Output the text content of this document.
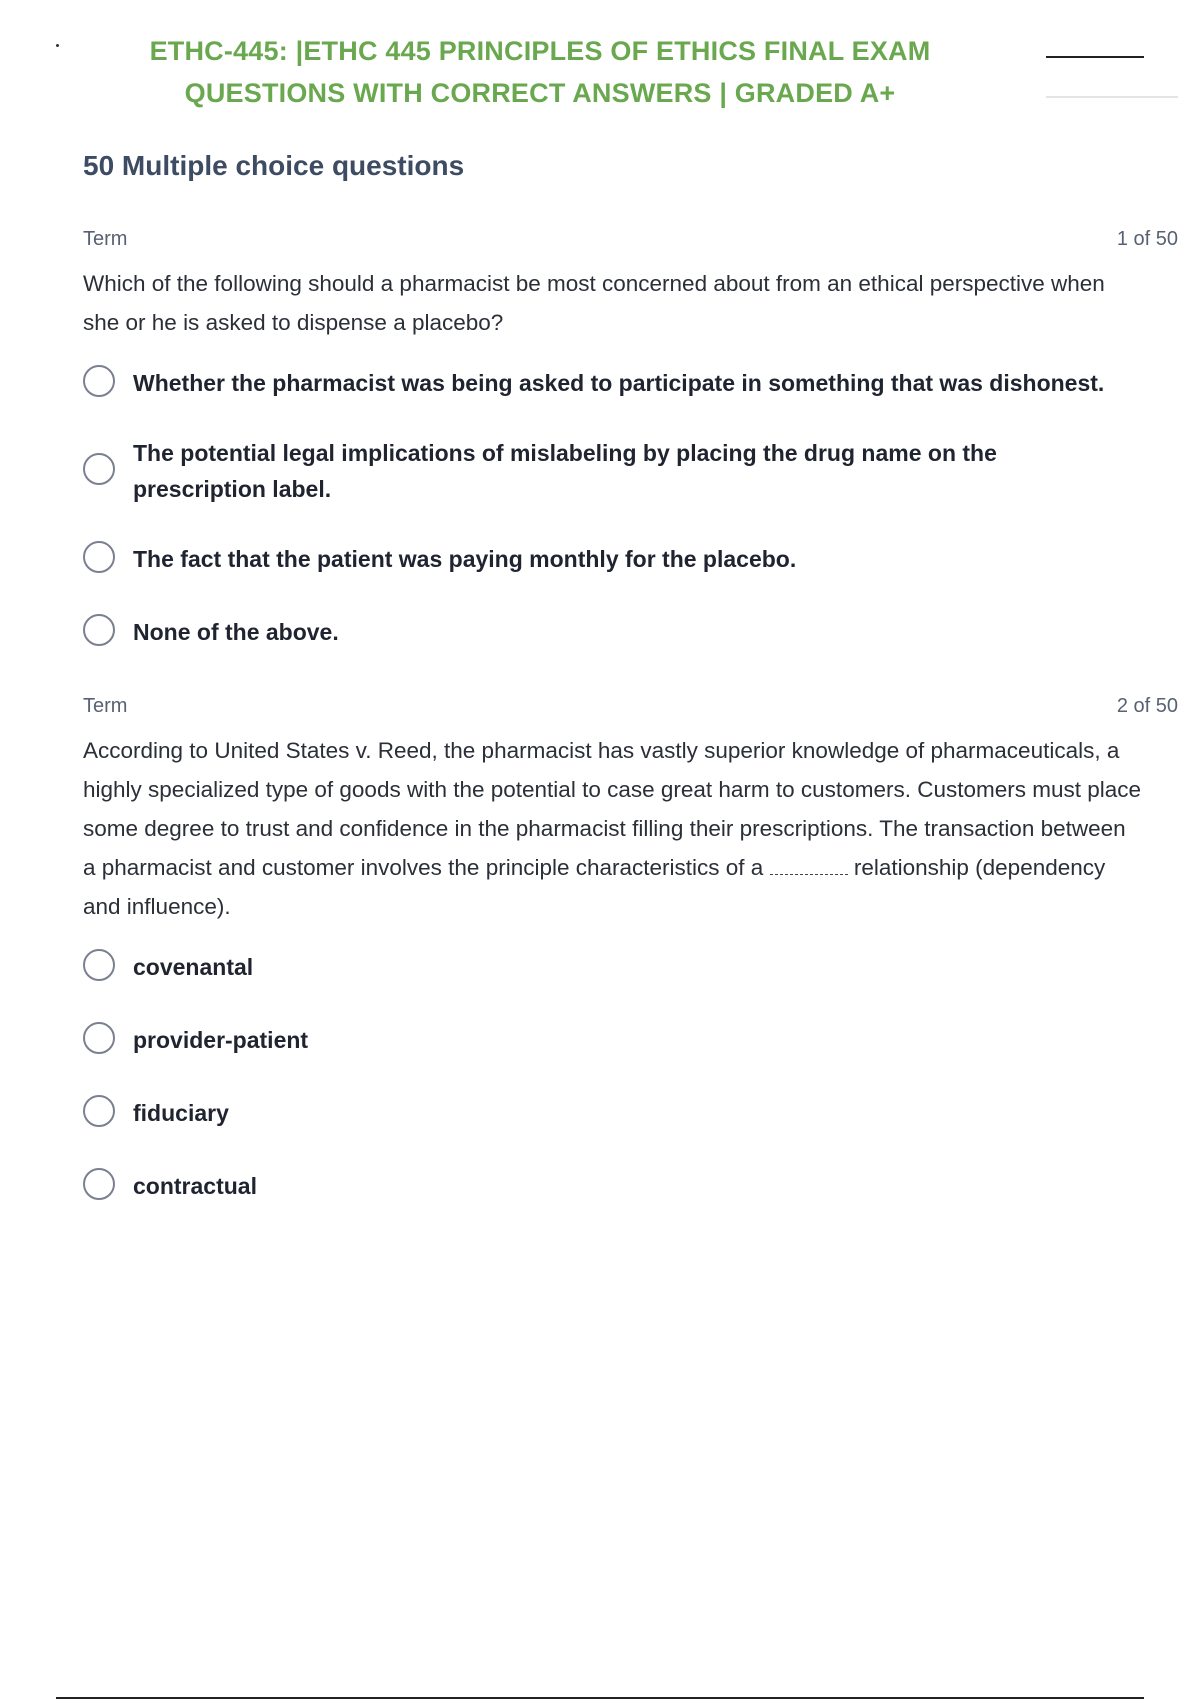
ETHC-445: |ETHC 445 PRINCIPLES OF ETHICS FINAL EXAM
QUESTIONS WITH CORRECT ANSWERS | GRADED A+
50 Multiple choice questions
Term	1 of 50
Which of the following should a pharmacist be most concerned about from an ethical perspective when she or he is asked to dispense a placebo?
Whether the pharmacist was being asked to participate in something that was dishonest.
The potential legal implications of mislabeling by placing the drug name on the prescription label.
The fact that the patient was paying monthly for the placebo.
None of the above.
Term	2 of 50
According to United States v. Reed, the pharmacist has vastly superior knowledge of pharmaceuticals, a highly specialized type of goods with the potential to case great harm to customers. Customers must place some degree to trust and confidence in the pharmacist filling their prescriptions. The transaction between a pharmacist and customer involves the principle characteristics of a	relationship (dependency and influence).
covenantal
provider-patient
fiduciary
contractual
